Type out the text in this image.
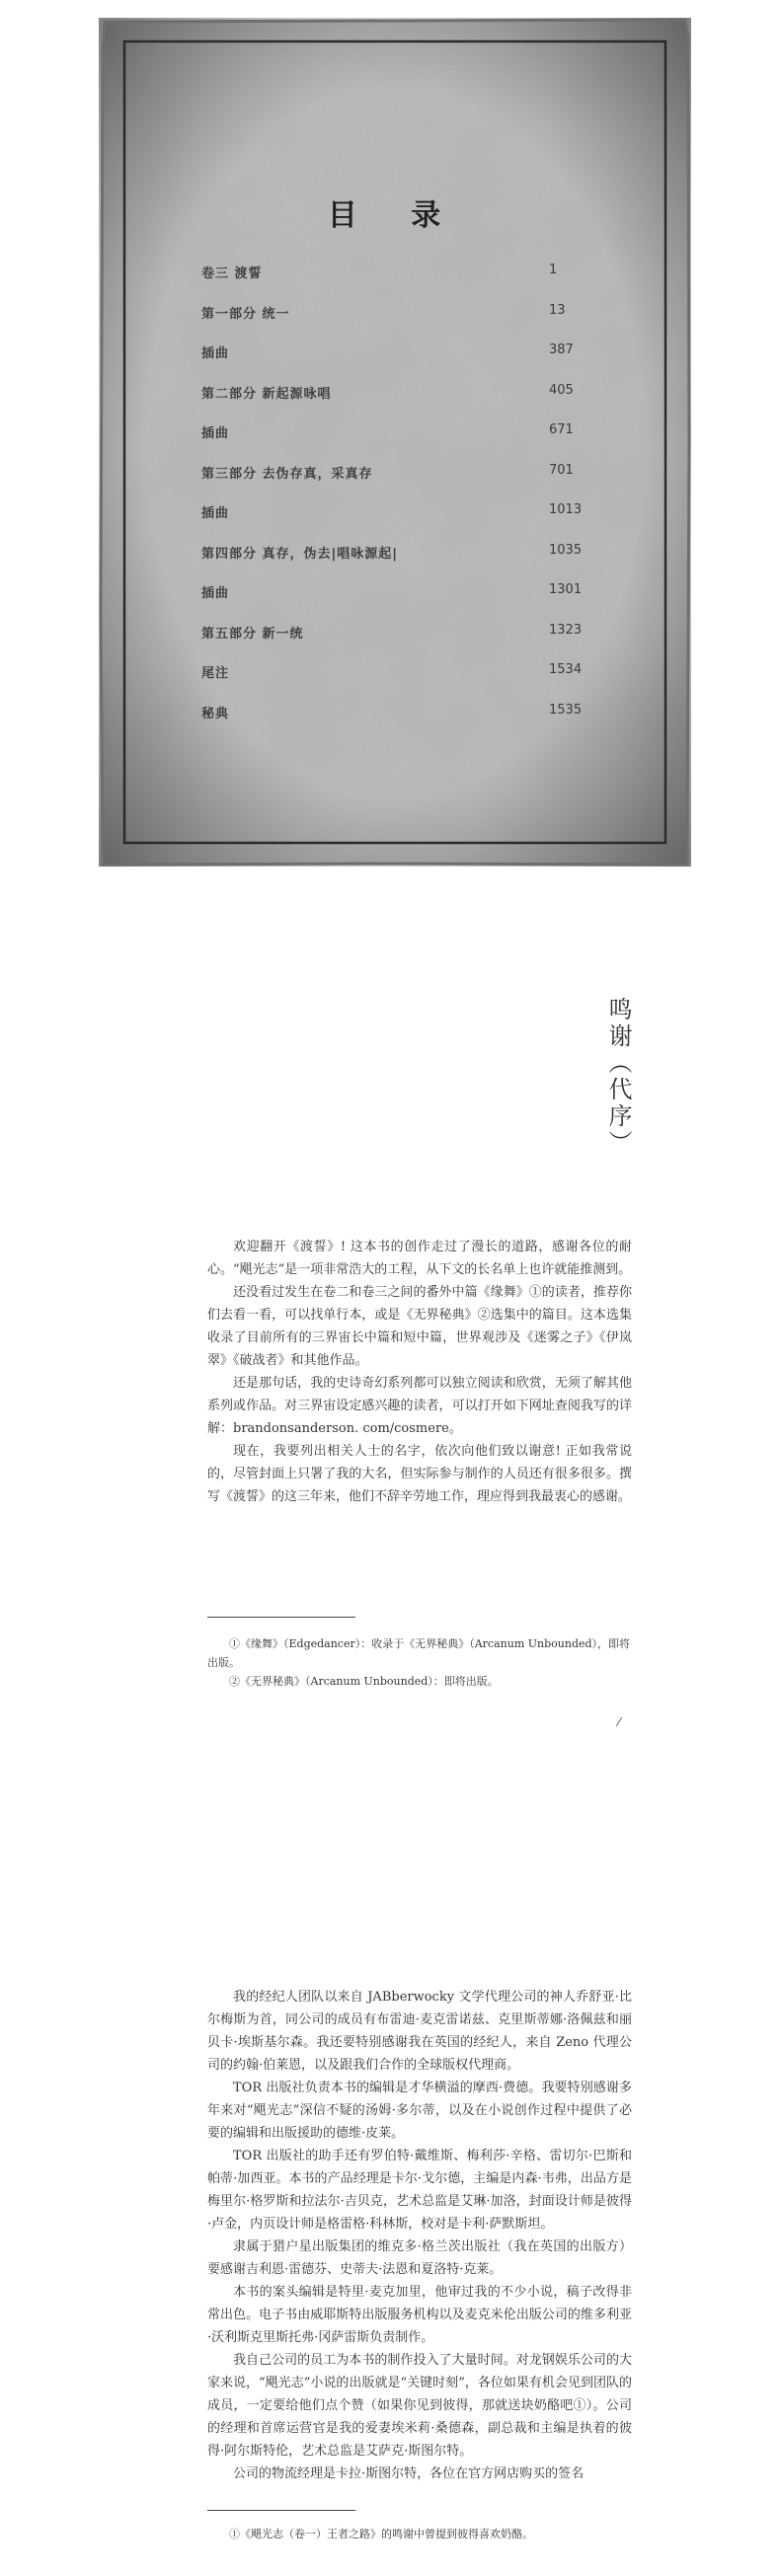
目 录
卷三 渡誓	1
第一部分 统一	13
插曲	387
第二部分 新起源咏唱	405
插曲	671
第三部分 去伪存真，采真存	701
插曲	1013
第四部分 真存，伪去|唱咏源起|	1035
插曲	1301
第五部分 新一统	1323
尾注	1534
秘典	1535
鸣谢（代序）

欢迎翻开《渡誓》! 这本书的创作走过了漫长的道路，感谢各位的耐心。“飓光志”是一项非常浩大的工程，从下文的长名单上也许就能推测到。

还没看过发生在卷二和卷三之间的番外中篇《缘舞》①的读者，推荐你们去看一看，可以找单行本，或是《无界秘典》②选集中的篇目。这本选集收录了目前所有的三界宙长中篇和短中篇，世界观涉及《迷雾之子》《伊岚翠》《破战者》和其他作品。

还是那句话，我的史诗奇幻系列都可以独立阅读和欣赏，无须了解其他系列或作品。对三界宙设定感兴趣的读者，可以打开如下网址查阅我写的详解：brandonsanderson. com/cosmere。

现在，我要列出相关人士的名字，依次向他们致以谢意! 正如我常说的，尽管封面上只署了我的大名，但实际参与制作的人员还有很多很多。撰写《渡誓》的这三年来，他们不辞辛劳地工作，理应得到我最衷心的感谢。

①《缘舞》（Edgedancer）：收录于《无界秘典》（Arcanum Unbounded），即将出版。
②《无界秘典》（Arcanum Unbounded）：即将出版。
⁄

我的经纪人团队以来自 JABberwocky 文学代理公司的神人乔舒亚·比尔梅斯为首，同公司的成员有布雷迪·麦克雷诺兹、克里斯蒂娜·洛佩兹和丽贝卡·埃斯基尔森。我还要特别感谢我在英国的经纪人，来自 Zeno 代理公司的约翰·伯莱恩，以及跟我们合作的全球版权代理商。

TOR 出版社负责本书的编辑是才华横溢的摩西·费德。我要特别感谢多年来对“飓光志”深信不疑的汤姆·多尔蒂，以及在小说创作过程中提供了必要的编辑和出版援助的德维·皮莱。

TOR 出版社的助手还有罗伯特·戴维斯、梅利莎·辛格、雷切尔·巴斯和帕蒂·加西亚。本书的产品经理是卡尔·戈尔德，主编是内森·韦弗，出品方是梅里尔·格罗斯和拉法尔·吉贝克，艺术总监是艾琳·加洛，封面设计师是彼得·卢金，内页设计师是格雷格·科林斯，校对是卡利·萨默斯坦。

隶属于猎户星出版集团的维克多·格兰茨出版社（我在英国的出版方）要感谢吉利恩·雷德芬、史蒂夫·法恩和夏洛特·克莱。

本书的案头编辑是特里·麦克加里，他审过我的不少小说，稿子改得非常出色。电子书由威耶斯特出版服务机构以及麦克米伦出版公司的维多利亚·沃利斯克里斯托弗·冈萨雷斯负责制作。

我自己公司的员工为本书的制作投入了大量时间。对龙钢娱乐公司的大家来说，“飓光志”小说的出版就是“关键时刻”，各位如果有机会见到团队的成员，一定要给他们点个赞（如果你见到彼得，那就送块奶酪吧①）。公司的经理和首席运营官是我的爱妻埃米莉·桑德森，副总裁和主编是执着的彼得·阿尔斯特伦，艺术总监是艾萨克·斯图尔特。

公司的物流经理是卡拉·斯图尔特，各位在官方网店购买的签名

①《飓光志（卷一）王者之路》的鸣谢中曾提到彼得喜欢奶酪。
